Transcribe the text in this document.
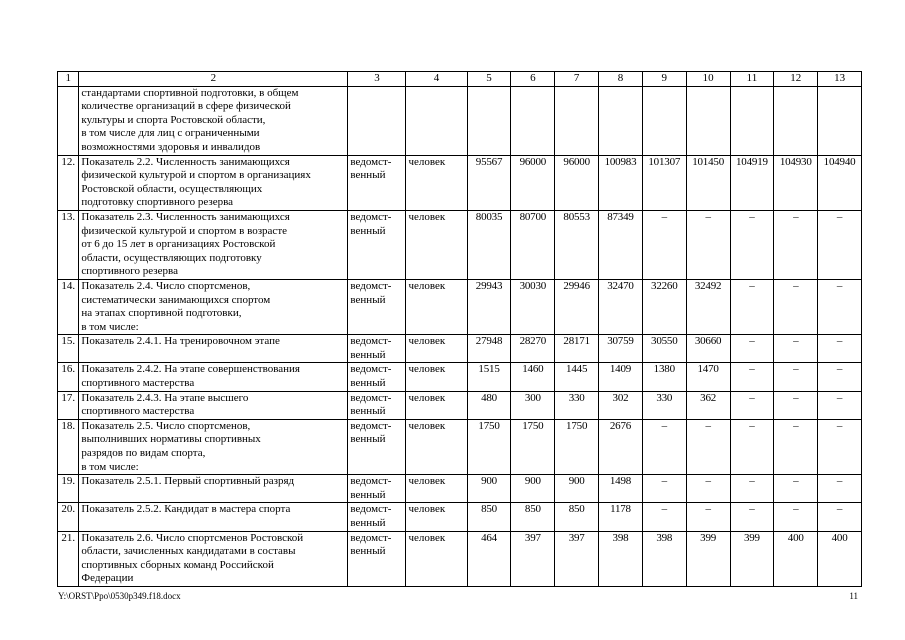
1	2	3	4	5	6	7	8	9	10	11	12	13

	стандартами спортивной подготовки, в общем
количестве организаций в сфере физической
культуры и спорта Ростовской области,
в том числе для лиц с ограниченными
возможностями здоровья и инвалидов											

12.	Показатель 2.2. Численность занимающихся
физической культурой и спортом в организациях
Ростовской области, осуществляющих
подготовку спортивного резерва	ведомст-
венный	человек	95567	96000	96000	100983	101307	101450	104919	104930	104940
13.	Показатель 2.3. Численность занимающихся
физической культурой и спортом в возрасте
от 6 до 15 лет в организациях Ростовской
области, осуществляющих подготовку
спортивного резерва	ведомст-
венный	человек	80035	80700	80553	87349	–	–	–	–	–
14.	Показатель 2.4. Число спортсменов,
систематически занимающихся спортом
на этапах спортивной подготовки,
в том числе:	ведомст-
венный	человек	29943	30030	29946	32470	32260	32492	–	–	–
15.	Показатель 2.4.1. На тренировочном этапе	ведомст-
венный	человек	27948	28270	28171	30759	30550	30660	–	–	–
16.	Показатель 2.4.2. На этапе совершенствования
спортивного мастерства	ведомст-
венный	человек	1515	1460	1445	1409	1380	1470	–	–	–
17.	Показатель 2.4.3. На этапе высшего
спортивного мастерства	ведомст-
венный	человек	480	300	330	302	330	362	–	–	–
18.	Показатель 2.5. Число спортсменов,
выполнивших нормативы спортивных
разрядов по видам спорта,
в том числе:	ведомст-
венный	человек	1750	1750	1750	2676	–	–	–	–	–
19.	Показатель 2.5.1. Первый спортивный разряд	ведомст-
венный	человек	900	900	900	1498	–	–	–	–	–
20.	Показатель 2.5.2. Кандидат в мастера спорта	ведомст-
венный	человек	850	850	850	1178	–	–	–	–	–
21.	Показатель 2.6. Число спортсменов Ростовской
области, зачисленных кандидатами в составы
спортивных сборных команд Российской
Федерации	ведомст-
венный	человек	464	397	397	398	398	399	399	400	400
Y:\ORST\Ppo\0530p349.f18.docx	11
